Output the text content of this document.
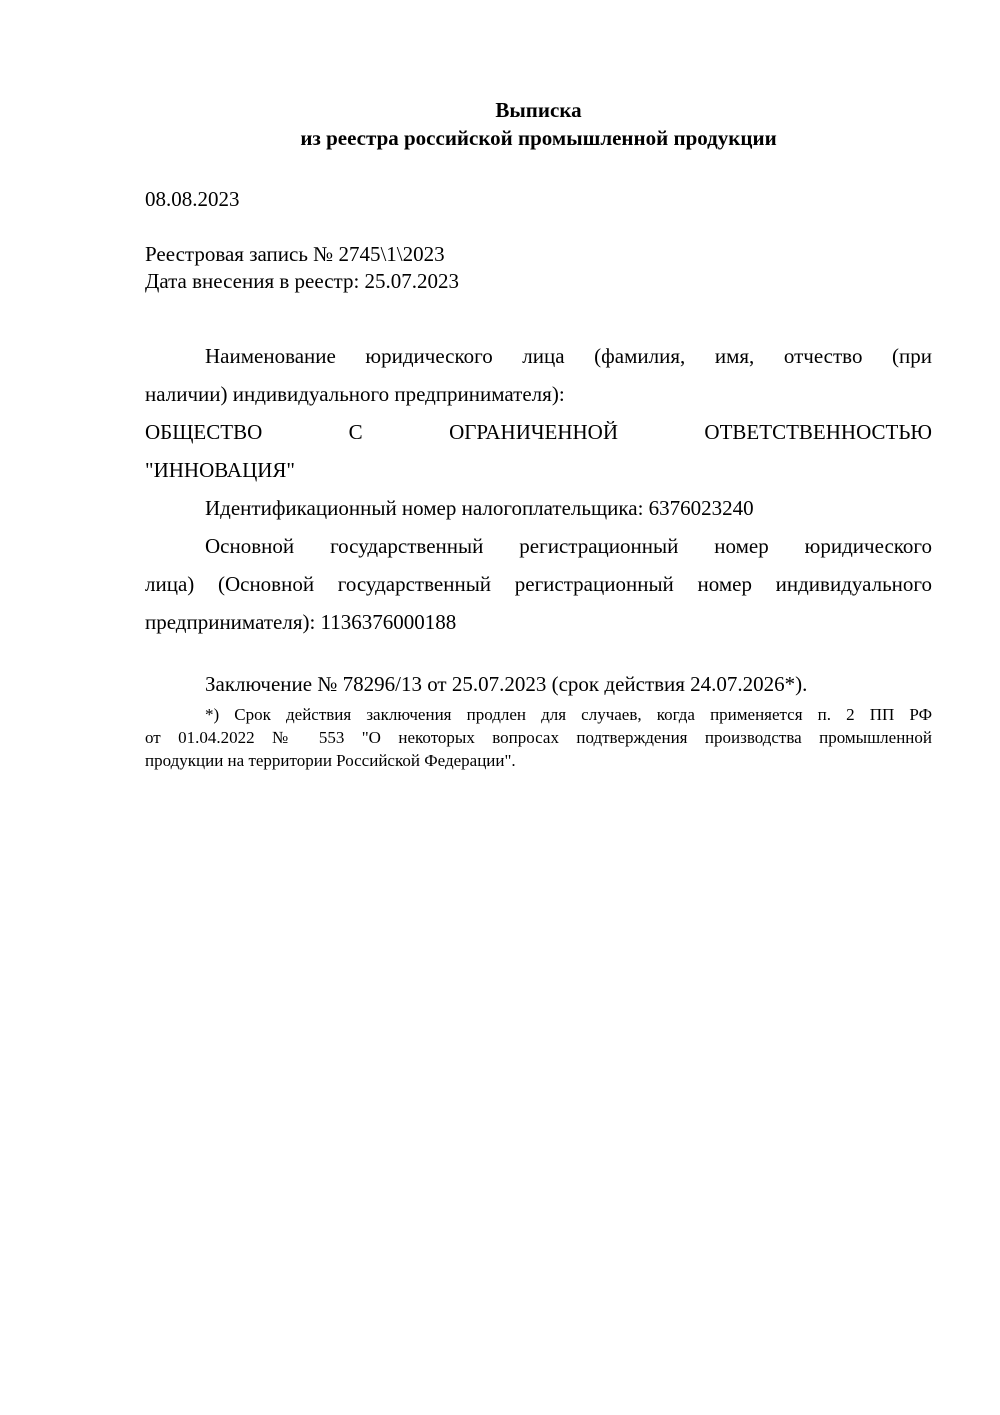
Выписка
из реестра российской промышленной продукции

08.08.2023

Реестровая запись № 2745\1\2023

Дата внесения в реестр: 25.07.2023

Наименование юридического лица (фамилия, имя, отчество (при
наличии) индивидуального предпринимателя):
ОБЩЕСТВО С ОГРАНИЧЕННОЙ ОТВЕТСТВЕННОСТЬЮ
"ИННОВАЦИЯ"
Идентификационный номер налогоплательщика: 6376023240
Основной государственный регистрационный номер юридического
лица) (Основной государственный регистрационный номер индивидуального
предпринимателя): 1136376000188
Заключение № 78296/13 от 25.07.2023 (срок действия 24.07.2026*).
*) Срок действия заключения продлен для случаев, когда применяется п. 2 ПП РФ
от 01.04.2022 № 553 "О некоторых вопросах подтверждения производства промышленной
продукции на территории Российской Федерации".
